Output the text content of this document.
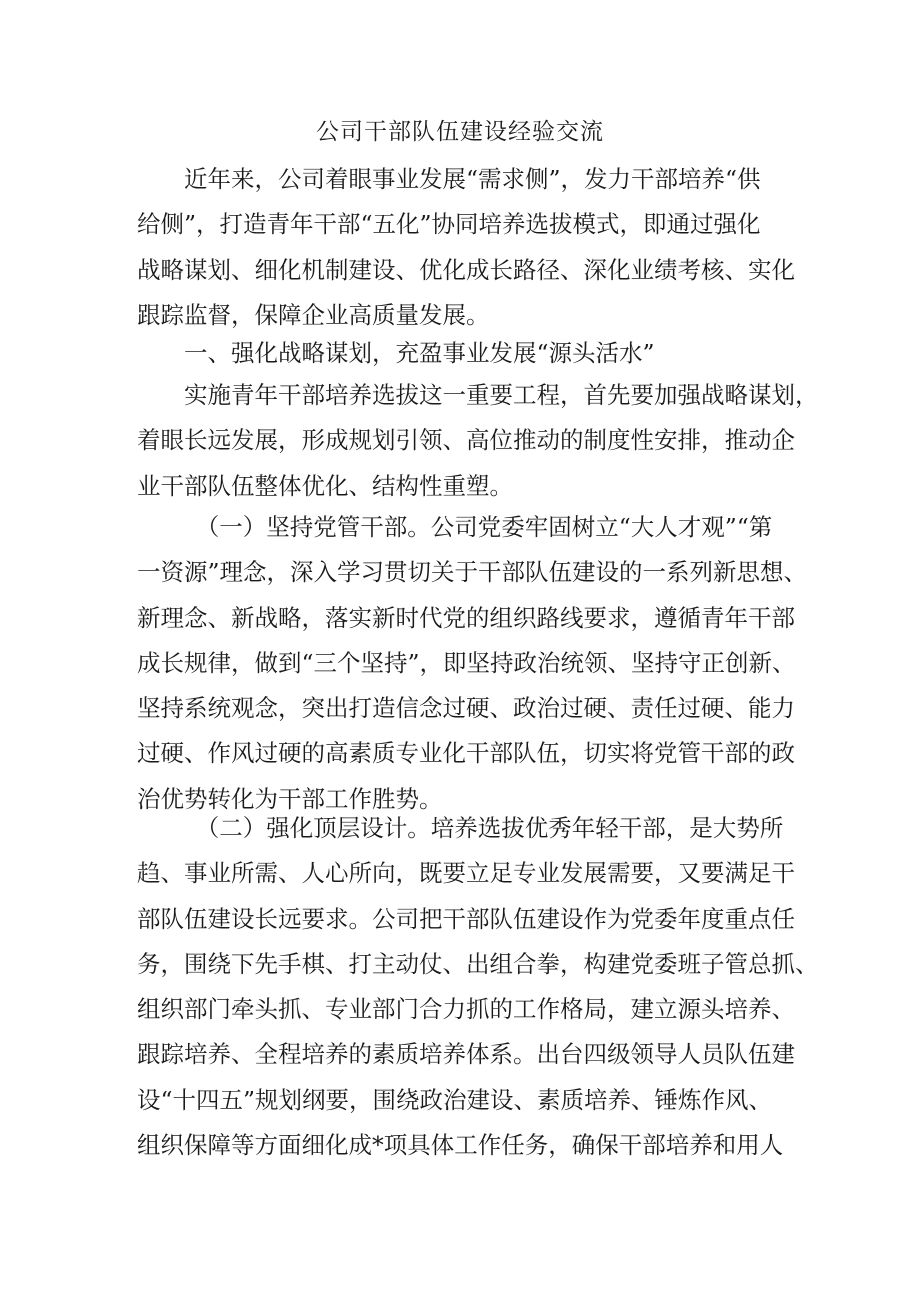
公司干部队伍建设经验交流
　　近年来，公司着眼事业发展“需求侧”，发力干部培养“供
给侧”，打造青年干部“五化”协同培养选拔模式，即通过强化
战略谋划、细化机制建设、优化成长路径、深化业绩考核、实化
跟踪监督，保障企业高质量发展。
　　一、强化战略谋划，充盈事业发展“源头活水”
　　实施青年干部培养选拔这一重要工程，首先要加强战略谋划，
着眼长远发展，形成规划引领、高位推动的制度性安排，推动企
业干部队伍整体优化、结构性重塑。
　　　（一）坚持党管干部。公司党委牢固树立“大人才观”“第
一资源”理念，深入学习贯切关于干部队伍建设的一系列新思想、
新理念、新战略，落实新时代党的组织路线要求，遵循青年干部
成长规律，做到“三个坚持”，即坚持政治统领、坚持守正创新、
坚持系统观念，突出打造信念过硬、政治过硬、责任过硬、能力
过硬、作风过硬的高素质专业化干部队伍，切实将党管干部的政
治优势转化为干部工作胜势。
　　　（二）强化顶层设计。培养选拔优秀年轻干部，是大势所
趋、事业所需、人心所向，既要立足专业发展需要，又要满足干
部队伍建设长远要求。公司把干部队伍建设作为党委年度重点任
务，围绕下先手棋、打主动仗、出组合拳，构建党委班子管总抓、
组织部门牵头抓、专业部门合力抓的工作格局，建立源头培养、
跟踪培养、全程培养的素质培养体系。出台四级领导人员队伍建
设“十四五”规划纲要，围绕政治建设、素质培养、锤炼作风、
组织保障等方面细化成*项具体工作任务，确保干部培养和用人
